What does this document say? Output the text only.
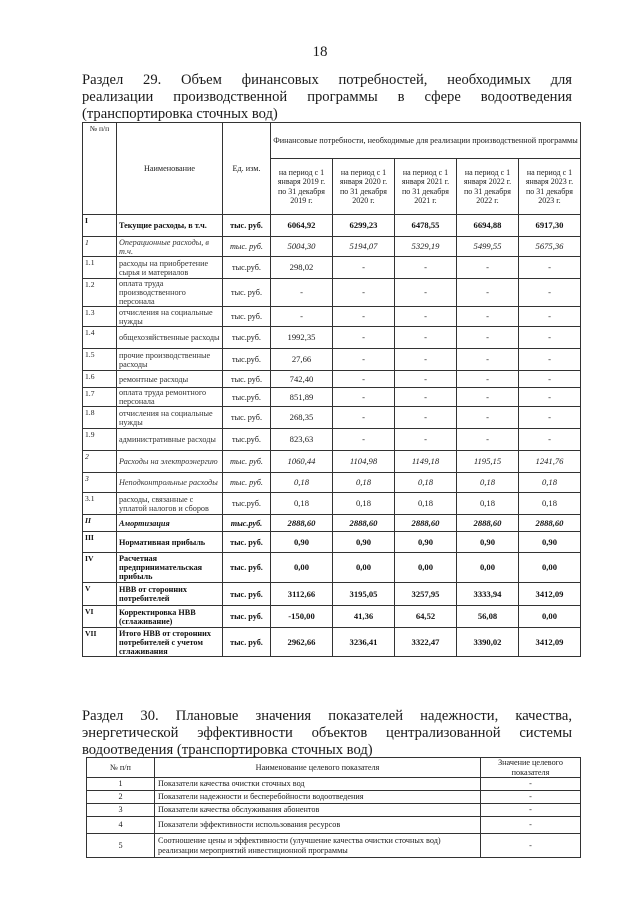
18

Раздел 29. Объем финансовых потребностей, необходимых для

реализации производственной программы в сфере водоотведения

(транспортировка сточных вод)

№ п/п	Наименование	Ед. изм.	Финансовые потребности, необходимые для реализации производственной программы				
			на период с 1 января 2019 г. по 31 декабря 2019 г.	на период с 1 января 2020 г. по 31 декабря 2020 г.	на период с 1 января 2021 г. по 31 декабря 2021 г.	на период с 1 января 2022 г. по 31 декабря 2022 г.	на период с 1 января 2023 г. по 31 декабря 2023 г.
I	Текущие расходы, в т.ч.	тыс. руб.	6064,92	6299,23	6478,55	6694,88	6917,30
1	Операционные расходы, в т.ч.	тыс. руб.	5004,30	5194,07	5329,19	5499,55	5675,36
1.1	расходы на приобретение сырья и материалов	тыс.руб.	298,02	-	-	-	-
1.2	оплата труда производственного персонала	тыс. руб.	-	-	-	-	-
1.3	отчисления на социальные нужды	тыс. руб.	-	-	-	-	-
1.4	общехозяйственные расходы	тыс.руб.	1992,35	-	-	-	-
1.5	прочие производственные расходы	тыс.руб.	27,66	-	-	-	-
1.6	ремонтные расходы	тыс. руб.	742,40	-	-	-	-
1.7	оплата труда ремонтного персонала	тыс.руб.	851,89	-	-	-	-
1.8	отчисления на социальные нужды	тыс. руб.	268,35	-	-	-	-
1.9	административные расходы	тыс.руб.	823,63	-	-	-	-
2	Расходы на электроэнергию	тыс. руб.	1060,44	1104,98	1149,18	1195,15	1241,76
3	Неподконтрольные расходы	тыс. руб.	0,18	0,18	0,18	0,18	0,18
3.1	расходы, связанные с уплатой налогов и сборов	тыс.руб.	0,18	0,18	0,18	0,18	0,18
II	Амортизация	тыс.руб.	2888,60	2888,60	2888,60	2888,60	2888,60
III	Нормативная прибыль	тыс. руб.	0,90	0,90	0,90	0,90	0,90
IV	Расчетная предпринимательская прибыль	тыс. руб.	0,00	0,00	0,00	0,00	0,00
V	НВВ от сторонних потребителей	тыс. руб.	3112,66	3195,05	3257,95	3333,94	3412,09
VI	Корректировка НВВ (сглаживание)	тыс. руб.	-150,00	41,36	64,52	56,08	0,00
VII	Итого НВВ от сторонних потребителей с учетом сглаживания	тыс. руб.	2962,66	3236,41	3322,47	3390,02	3412,09

Раздел 30. Плановые значения показателей надежности, качества,

энергетической эффективности объектов централизованной системы

водоотведения (транспортировка сточных вод)

№ п/п	Наименование целевого показателя	Значение целевого показателя
1	Показатели качества очистки сточных вод	-
2	Показатели надежности и бесперебойности водоотведения	-
3	Показатели качества обслуживания абонентов	-
4	Показатели эффективности использования ресурсов	-
5	Соотношение цены и эффективности (улучшение качества очистки сточных вод) реализации мероприятий инвестиционной программы	-
